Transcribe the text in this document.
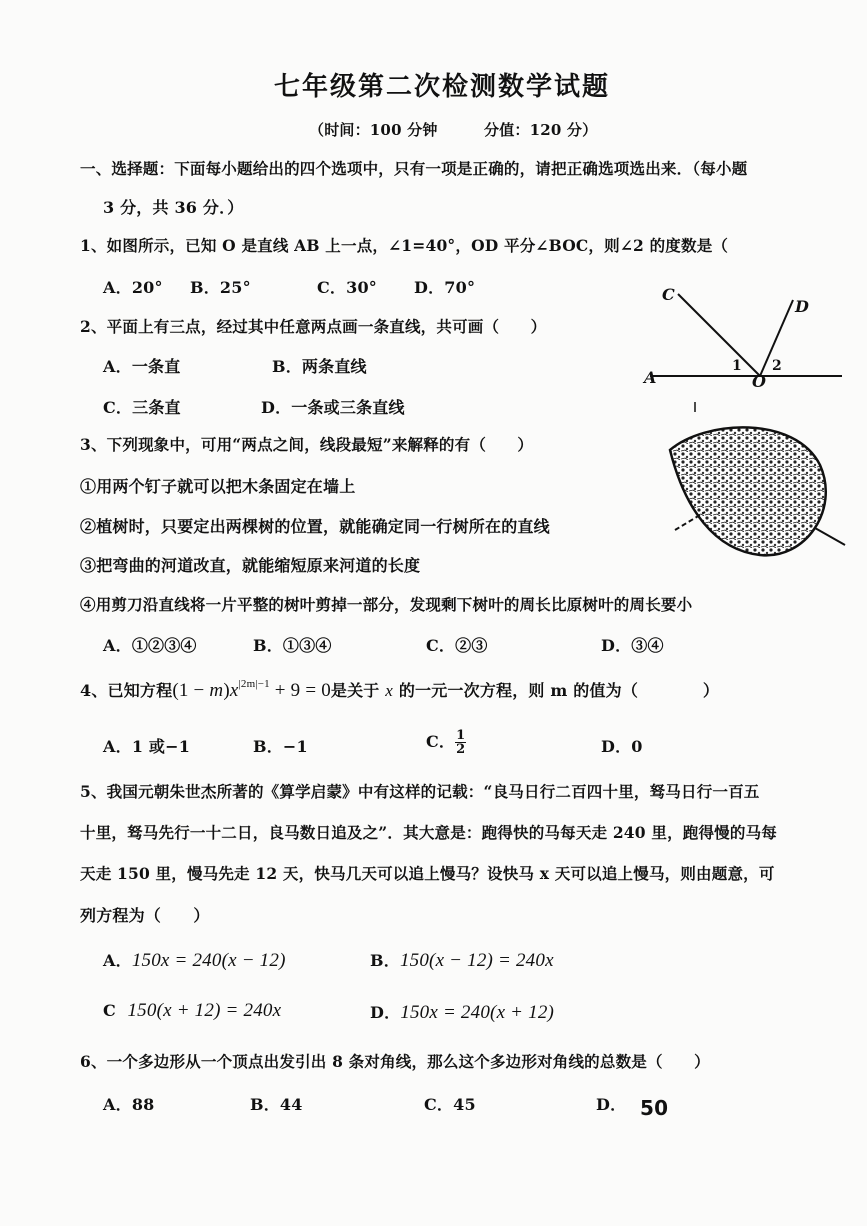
七年级第二次检测数学试题
（时间：100 分钟	分值：120 分）
一、选择题：下面每小题给出的四个选项中，只有一项是正确的，请把正确选项选出来．（每小题
3 分，共 36 分．）
1、如图所示，已知 O 是直线 AB 上一点，∠1=40°，OD 平分∠BOC，则∠2 的度数是（
A．20° B．25°	C．30° D．70°	C
D
A	O
1 2
2、平面上有三点，经过其中任意两点画一条直线，共可画（　　）
A．一条直	B．两条直线
C．三条直	D．一条或三条直线
3、下列现象中，可用“两点之间，线段最短”来解释的有（　　）
①用两个钉子就可以把木条固定在墙上
②植树时，只要定出两棵树的位置，就能确定同一行树所在的直线
③把弯曲的河道改直，就能缩短原来河道的长度
④用剪刀沿直线将一片平整的树叶剪掉一部分，发现剩下树叶的周长比原树叶的周长要小
A．①②③④	B．①③④	C．②③	D．③④
4、已知方程$(1 - m)x^{|2m|-1} + 9 = 0$是关于 x 的一元一次方程，则 m 的值为（　　　　）
A．1 或−1	B．−1	C． $\frac{1}{2}$	D．0
5、我国元朝朱世杰所著的《算学启蒙》中有这样的记载：“良马日行二百四十里，驽马日行一百五
十里，驽马先行一十二日，良马数日追及之”．其大意是：跑得快的马每天走 240 里，跑得慢的马每
天走 150 里，慢马先走 12 天，快马几天可以追上慢马？设快马 x 天可以追上慢马，则由题意，可
列方程为（　　）
A．150x = 240(x − 12)	B．150(x − 12) = 240x
C 150(x + 12) = 240x	D．150x = 240(x + 12)
6、一个多边形从一个顶点出发引出 8 条对角线，那么这个多边形对角线的总数是（　　）
A．88	B．44	C．45	D． 50
